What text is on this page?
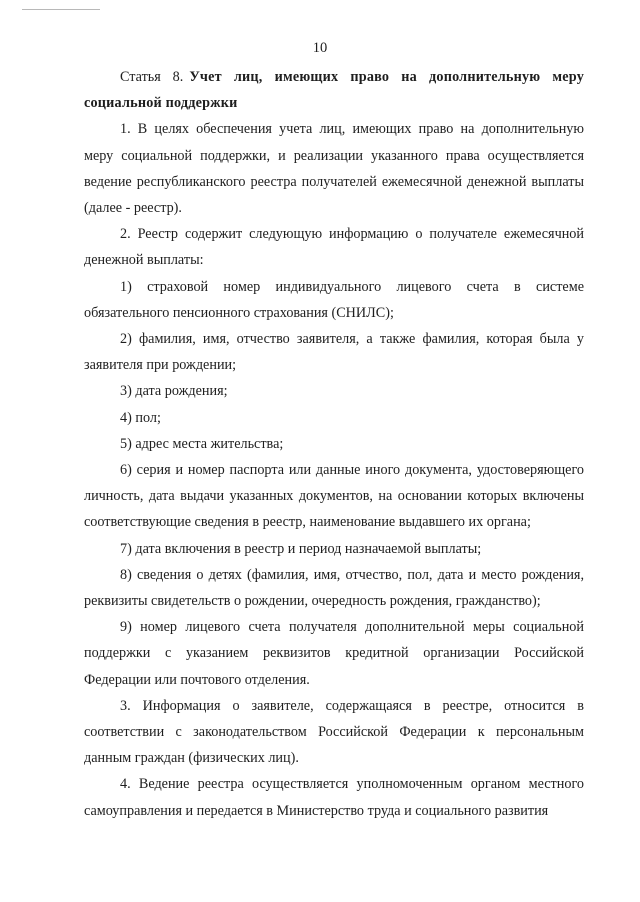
10

Статья 8. Учет лиц, имеющих право на дополнительную меру социальной поддержки

1. В целях обеспечения учета лиц, имеющих право на дополнительную меру социальной поддержки, и реализации указанного права осуществляется ведение республиканского реестра получателей ежемесячной денежной выплаты (далее - реестр).

2. Реестр содержит следующую информацию о получателе ежемесячной денежной выплаты:

1) страховой номер индивидуального лицевого счета в системе обязательного пенсионного страхования (СНИЛС);

2) фамилия, имя, отчество заявителя, а также фамилия, которая была у заявителя при рождении;

3) дата рождения;

4) пол;

5) адрес места жительства;

6) серия и номер паспорта или данные иного документа, удостоверяющего личность, дата выдачи указанных документов, на основании которых включены соответствующие сведения в реестр, наименование выдавшего их органа;

7) дата включения в реестр и период назначаемой выплаты;

8) сведения о детях (фамилия, имя, отчество, пол, дата и место рождения, реквизиты свидетельств о рождении, очередность рождения, гражданство);

9) номер лицевого счета получателя дополнительной меры социальной поддержки с указанием реквизитов кредитной организации Российской Федерации или почтового отделения.

3. Информация о заявителе, содержащаяся в реестре, относится в соответствии с законодательством Российской Федерации к персональным данным граждан (физических лиц).

4. Ведение реестра осуществляется уполномоченным органом местного самоуправления и передается в Министерство труда и социального развития
